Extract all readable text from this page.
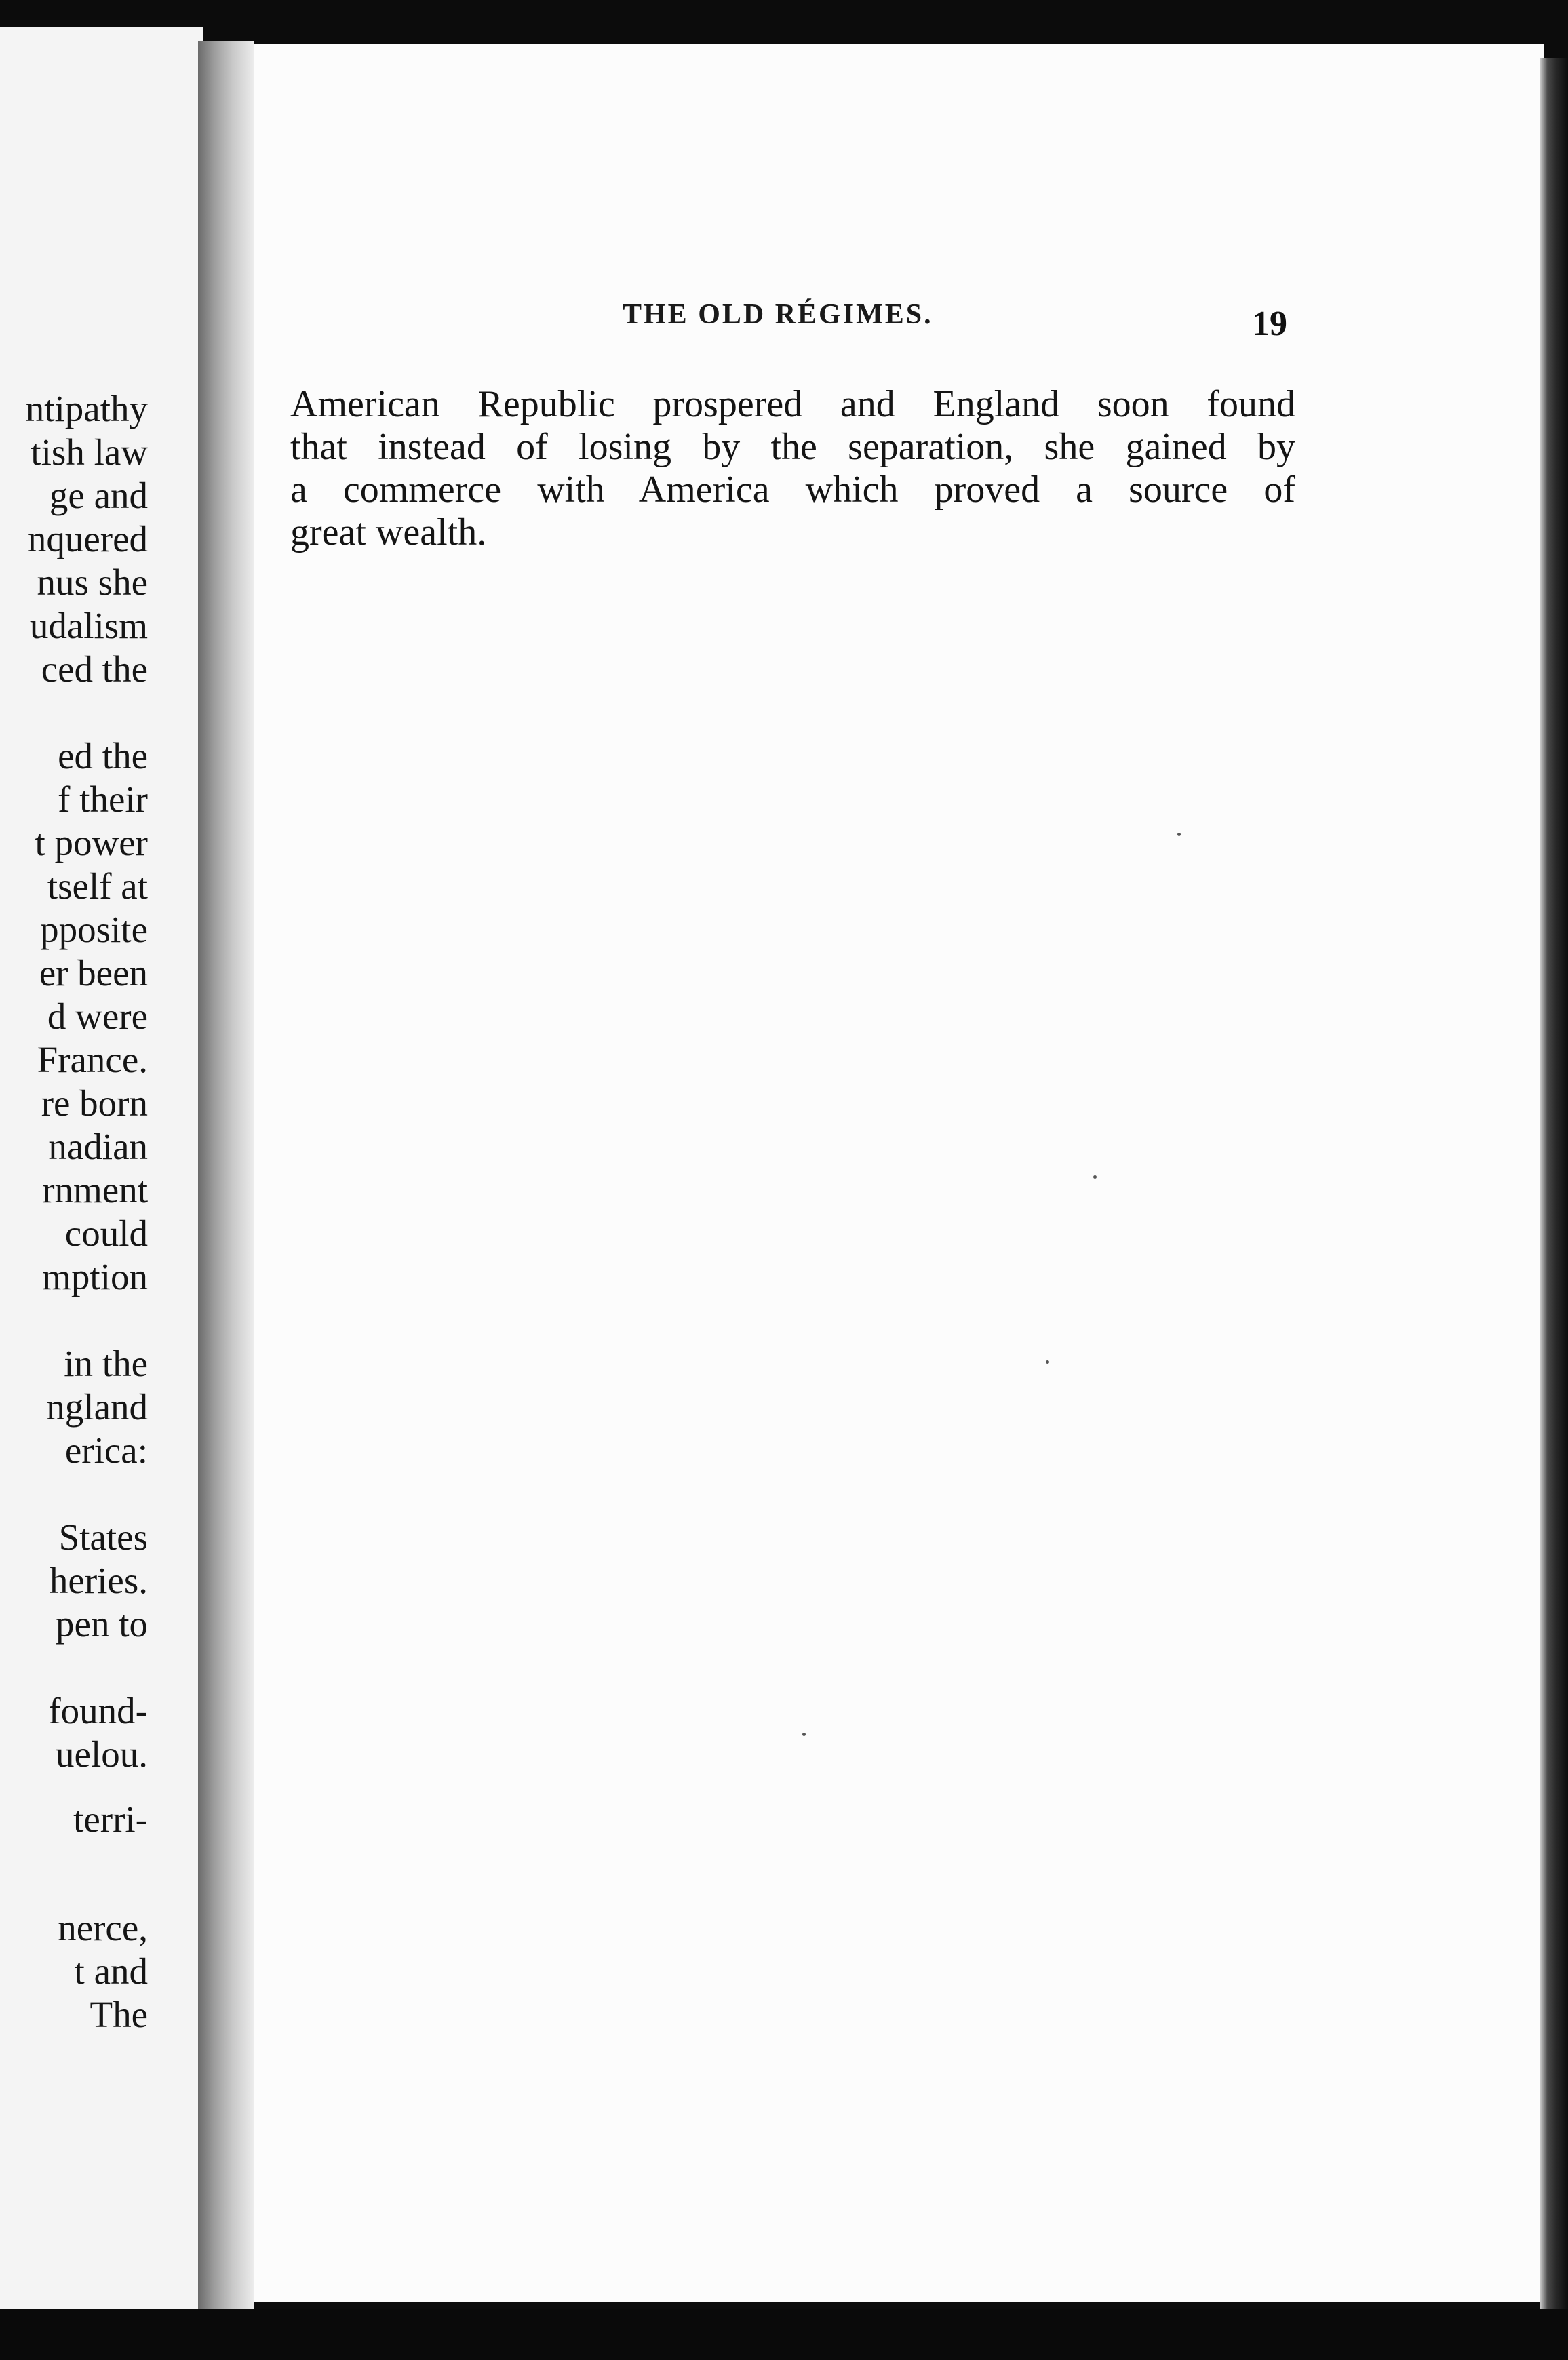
ntipathy
tish law
ge and
nquered
nus she
udalism
ced the
ed the
f their
t power
tself at
pposite
er been
d were
France.
re born
nadian
rnment
could
mption
in the
ngland
erica:
States
heries.
pen to
found-
uelou.
terri-
nerce,
t and
The
THE OLD RÉGIMES.	19
American Republic prospered and England soon found
that instead of losing by the separation, she gained by
a commerce with America which proved a source of
great wealth.
